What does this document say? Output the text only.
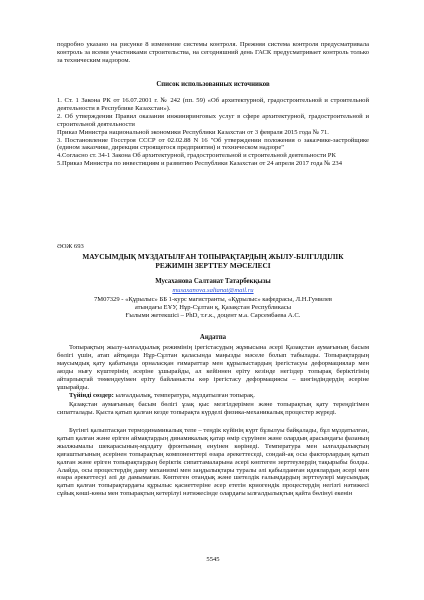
подробно указано на рисунке 8 изменение системы контроля. Прежняя система контроля предусматривала контроль за всеми участниками строительства, на сегодняшний день ГАСК предусматривает контроль только за техническим надзором.
Список использованных источников

1. Ст. 1 Закона РК от 16.07.2001 г. № 242 (пп. 59) «Об архитектурной, градостроительной и строительной деятельности в Республике Казахстан»).

2. Об утверждении Правил оказания инжиниринговых услуг в сфере архитектурной, градостроительной и строительной деятельности

Приказ Министра национальной экономики Республики Казахстан от 3 февраля 2015 года № 71.

3. Постановление Госстроя СССР от 02.02.88 N 16 "Об утверждении положения о заказчике-застройщике (едином заказчике, дирекции строящегося предприятия) и техническом надзоре"

4.Согласно ст. 34-1 Закона Об архитектурной, градостроительной и строительной деятельности РК

5.Приказ Министра по инвестициям и развитию Республики Казахстан от 24 апреля 2017 года № 234

ӘОЖ 693
МАУСЫМДЫҚ МҰЗДАТЫЛҒАН ТОПЫРАҚТАРДЫҢ ЖЫЛУ-БІЛГІЛДІЛІК
РЕЖИМІН ЗЕРТТЕУ МӘСЕЛЕСІ
Мусаханова Салтанат Татарбекқызы
musaxanova.saltanat@mail.ru
7М07329 - «Құрылыс» ББ 1-курс магистранты, «Құрылыс» кафедрасы, Л.Н.Гумилев
атындағы ЕҰУ, Нұр-Сұлтан қ, Қазақстан Республикасы
Ғылыми жетекшісі – PhD, т.ғ.к., доцент м.а. Сарсембаева А.С.
Аңдатпа
Топырақтың жылу-ылғалдылық режимінің ірегістасудың жұмысына әсері Қазақстан аумағының басым бөлігі үшін, атап айтқанда Нұр-Сұлтан қаласында маңызды мәселе болып табылады. Топырақтардың маусымдық қату қабатында орналасқан ғимараттар мен құрылыстардың ірегістасуы деформациялар мен аязды нығу күштерінің әсеріне ұшырайды, ал кейіннен еріту кезінде негіздер топырақ беріктігінің айтарлықтай төмендеуімен еріту байланысты көр ірегістасу деформациясы – шөгіндіндердің әсеріне ұшырайды.
Түйінді сөздер: ылғалдылық, температура, мұздатылған топырақ.
Қазақстан аумағының басым бөлігі ұзақ қыс мезгілдерімен және топырақтың қату тереңдігімен сипатталады. Қыста қатып қалған кезде топырақта күрделі физика-механикалық процестер жүреді.
Бүгінгі қалыптасқан термодинамикалық тепе – теңдік күйінің күрт бұзылуы байқалады, бұл мұздатылған, қатып қалған және еріген аймақтардың динамикалық қатар өмір сүруінен және олардың арасындағы фазаның жылжымалы шекарасының-мұздату фронтының енуінен көрінеді. Температура мен ылғалдылықтың қиғаштығының әсерінен топырақтың компоненттері өзара әрекеттеседі, сондай-ақ осы факторлардың қатып қалған және еріген топырақтардың беріктік сипаттамаларына әсері көптеген зерттеулердің тақырыбы болды. Алайда, осы процестердің даму механизмі мен заңдылықтары туралы әлі қабылданған идеялардың әсері мен өзара әрекеттесуі әлі де дамымаған. Көптеген отандық және шетелдік ғалымдардың зерттеулері маусымдық қатып қалған топырақтардағы құрылыс қасиеттеріне әсер ететін криогендік процестердің негізгі нәтижесі сұйық көші-көны мен топырақтың кетерілуі нәтижесінде олардағы ылғалдылықтың қайта бөлінуі екенін
5545
